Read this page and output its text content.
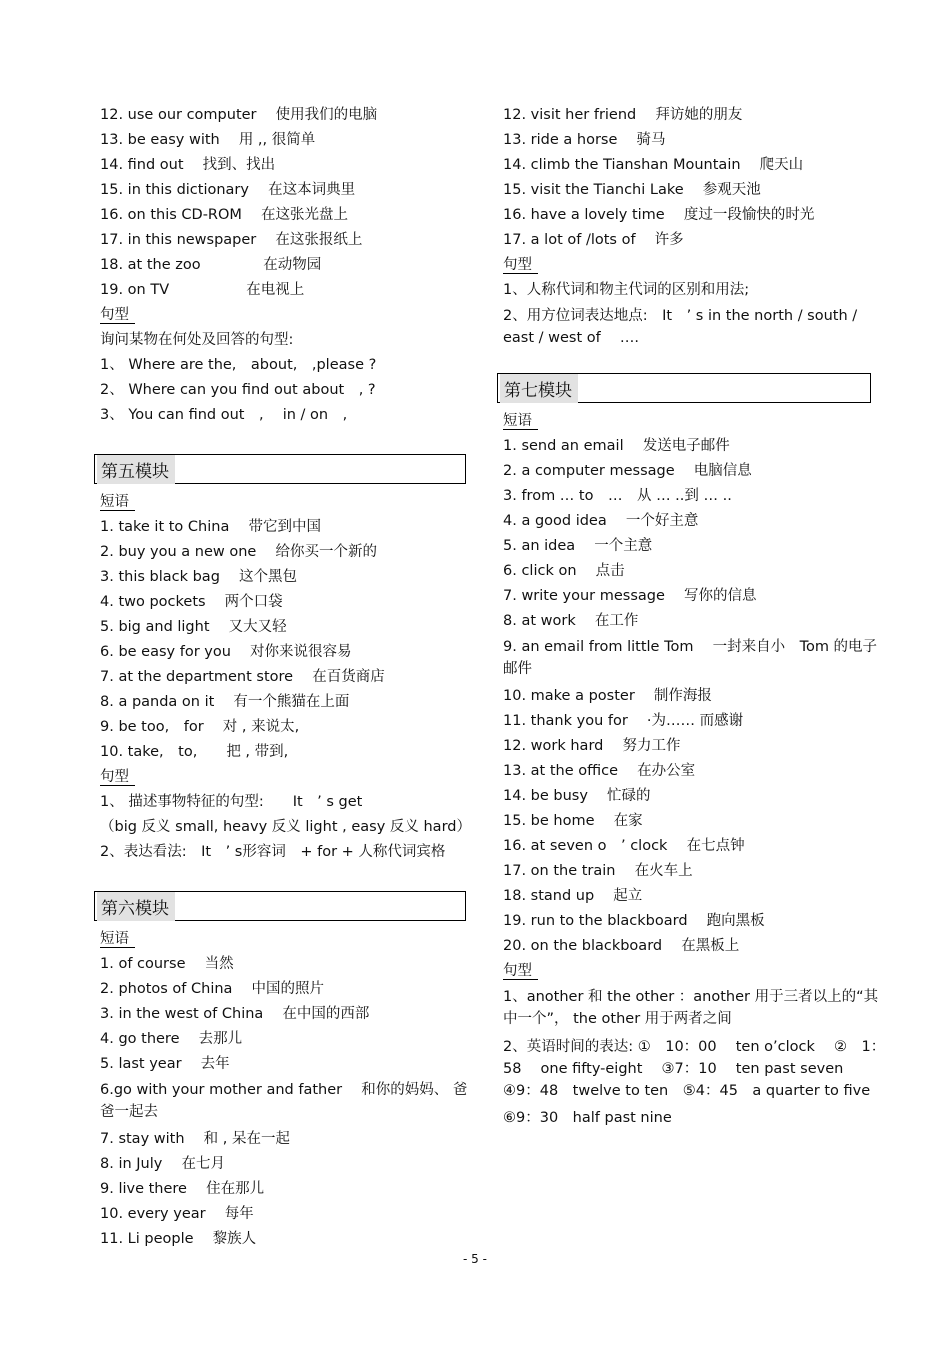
12. use our computer　 使用我们的电脑
13. be easy with　 用 ,, 很简单
14. find out　 找到、找出
15. in this dictionary　 在这本词典里
16. on this CD-ROM　 在这张光盘上
17. in this newspaper　 在这张报纸上
18. at the zoo　　　　 在动物园
19. on TV　　　　　 在电视上
句型
询问某物在何处及回答的句型:
1、 Where are the,　about,　,please ?
2、 Where can you find out about　, ?
3、 You can find out　,　 in / on　,
第五模块
短语
1. take it to China　 带它到中国
2. buy you a new one　 给你买一个新的
3. this black bag　 这个黑包
4. two pockets　 两个口袋
5. big and light　 又大又轻
6. be easy for you　 对你来说很容易
7. at the department store　 在百货商店
8. a panda on it　 有一个熊猫在上面
9. be too,　for　 对 , 来说太,
10. take,　to,　　把 , 带到,
句型
1、 描述事物特征的句型:　　It　’ s get
（big 反义 small, heavy 反义 light , easy 反义 hard）
2、表达看法:　It　’ s形容词　+ for + 人称代词宾格
第六模块
短语
1. of course　 当然
2. photos of China　 中国的照片
3. in the west of China　 在中国的西部
4. go there　 去那儿
5. last year　 去年
6.go with your mother and father　 和你的妈妈、 爸爸一起去
7. stay with　 和 , 呆在一起
8. in July　 在七月
9. live there　 住在那儿
10. every year　 每年
11. Li people　 黎族人
12. visit her friend　 拜访她的朋友
13. ride a horse　 骑马
14. climb the Tianshan Mountain　 爬天山
15. visit the Tianchi Lake　 参观天池
16. have a lovely time　 度过一段愉快的时光
17. a lot of /lots of　 许多
句型
1、人称代词和物主代词的区别和用法;
2、用方位词表达地点:　It　’ s in the north / south / east / west of　 ….
第七模块
短语
1. send an email　 发送电子邮件
2. a computer message　 电脑信息
3. from … to　…　从 … ..到 … ..
4. a good idea　 一个好主意
5. an idea　 一个主意
6. click on　 点击
7. write your message　 写你的信息
8. at work　 在工作
9. an email from little Tom　 一封来自小　Tom 的电子邮件
10. make a poster　 制作海报
11. thank you for　 ·为…… 而感谢
12. work hard　 努力工作
13. at the office　 在办公室
14. be busy　 忙碌的
15. be home　 在家
16. at seven o　’ clock　 在七点钟
17. on the train　 在火车上
18. stand up　 起立
19. run to the blackboard　 跑向黑板
20. on the blackboard　 在黑板上
句型
1、another 和 the other ：another 用于三者以上的“其中一个”， the other 用于两者之间
2、英语时间的表达: ①　10：00　 ten o’clock　 ②　1：58　 one fifty-eight　 ③7：10　 ten past seven　④9：48　twelve to ten　⑤4：45　a quarter to five
⑥9：30　half past nine
- 5 -
